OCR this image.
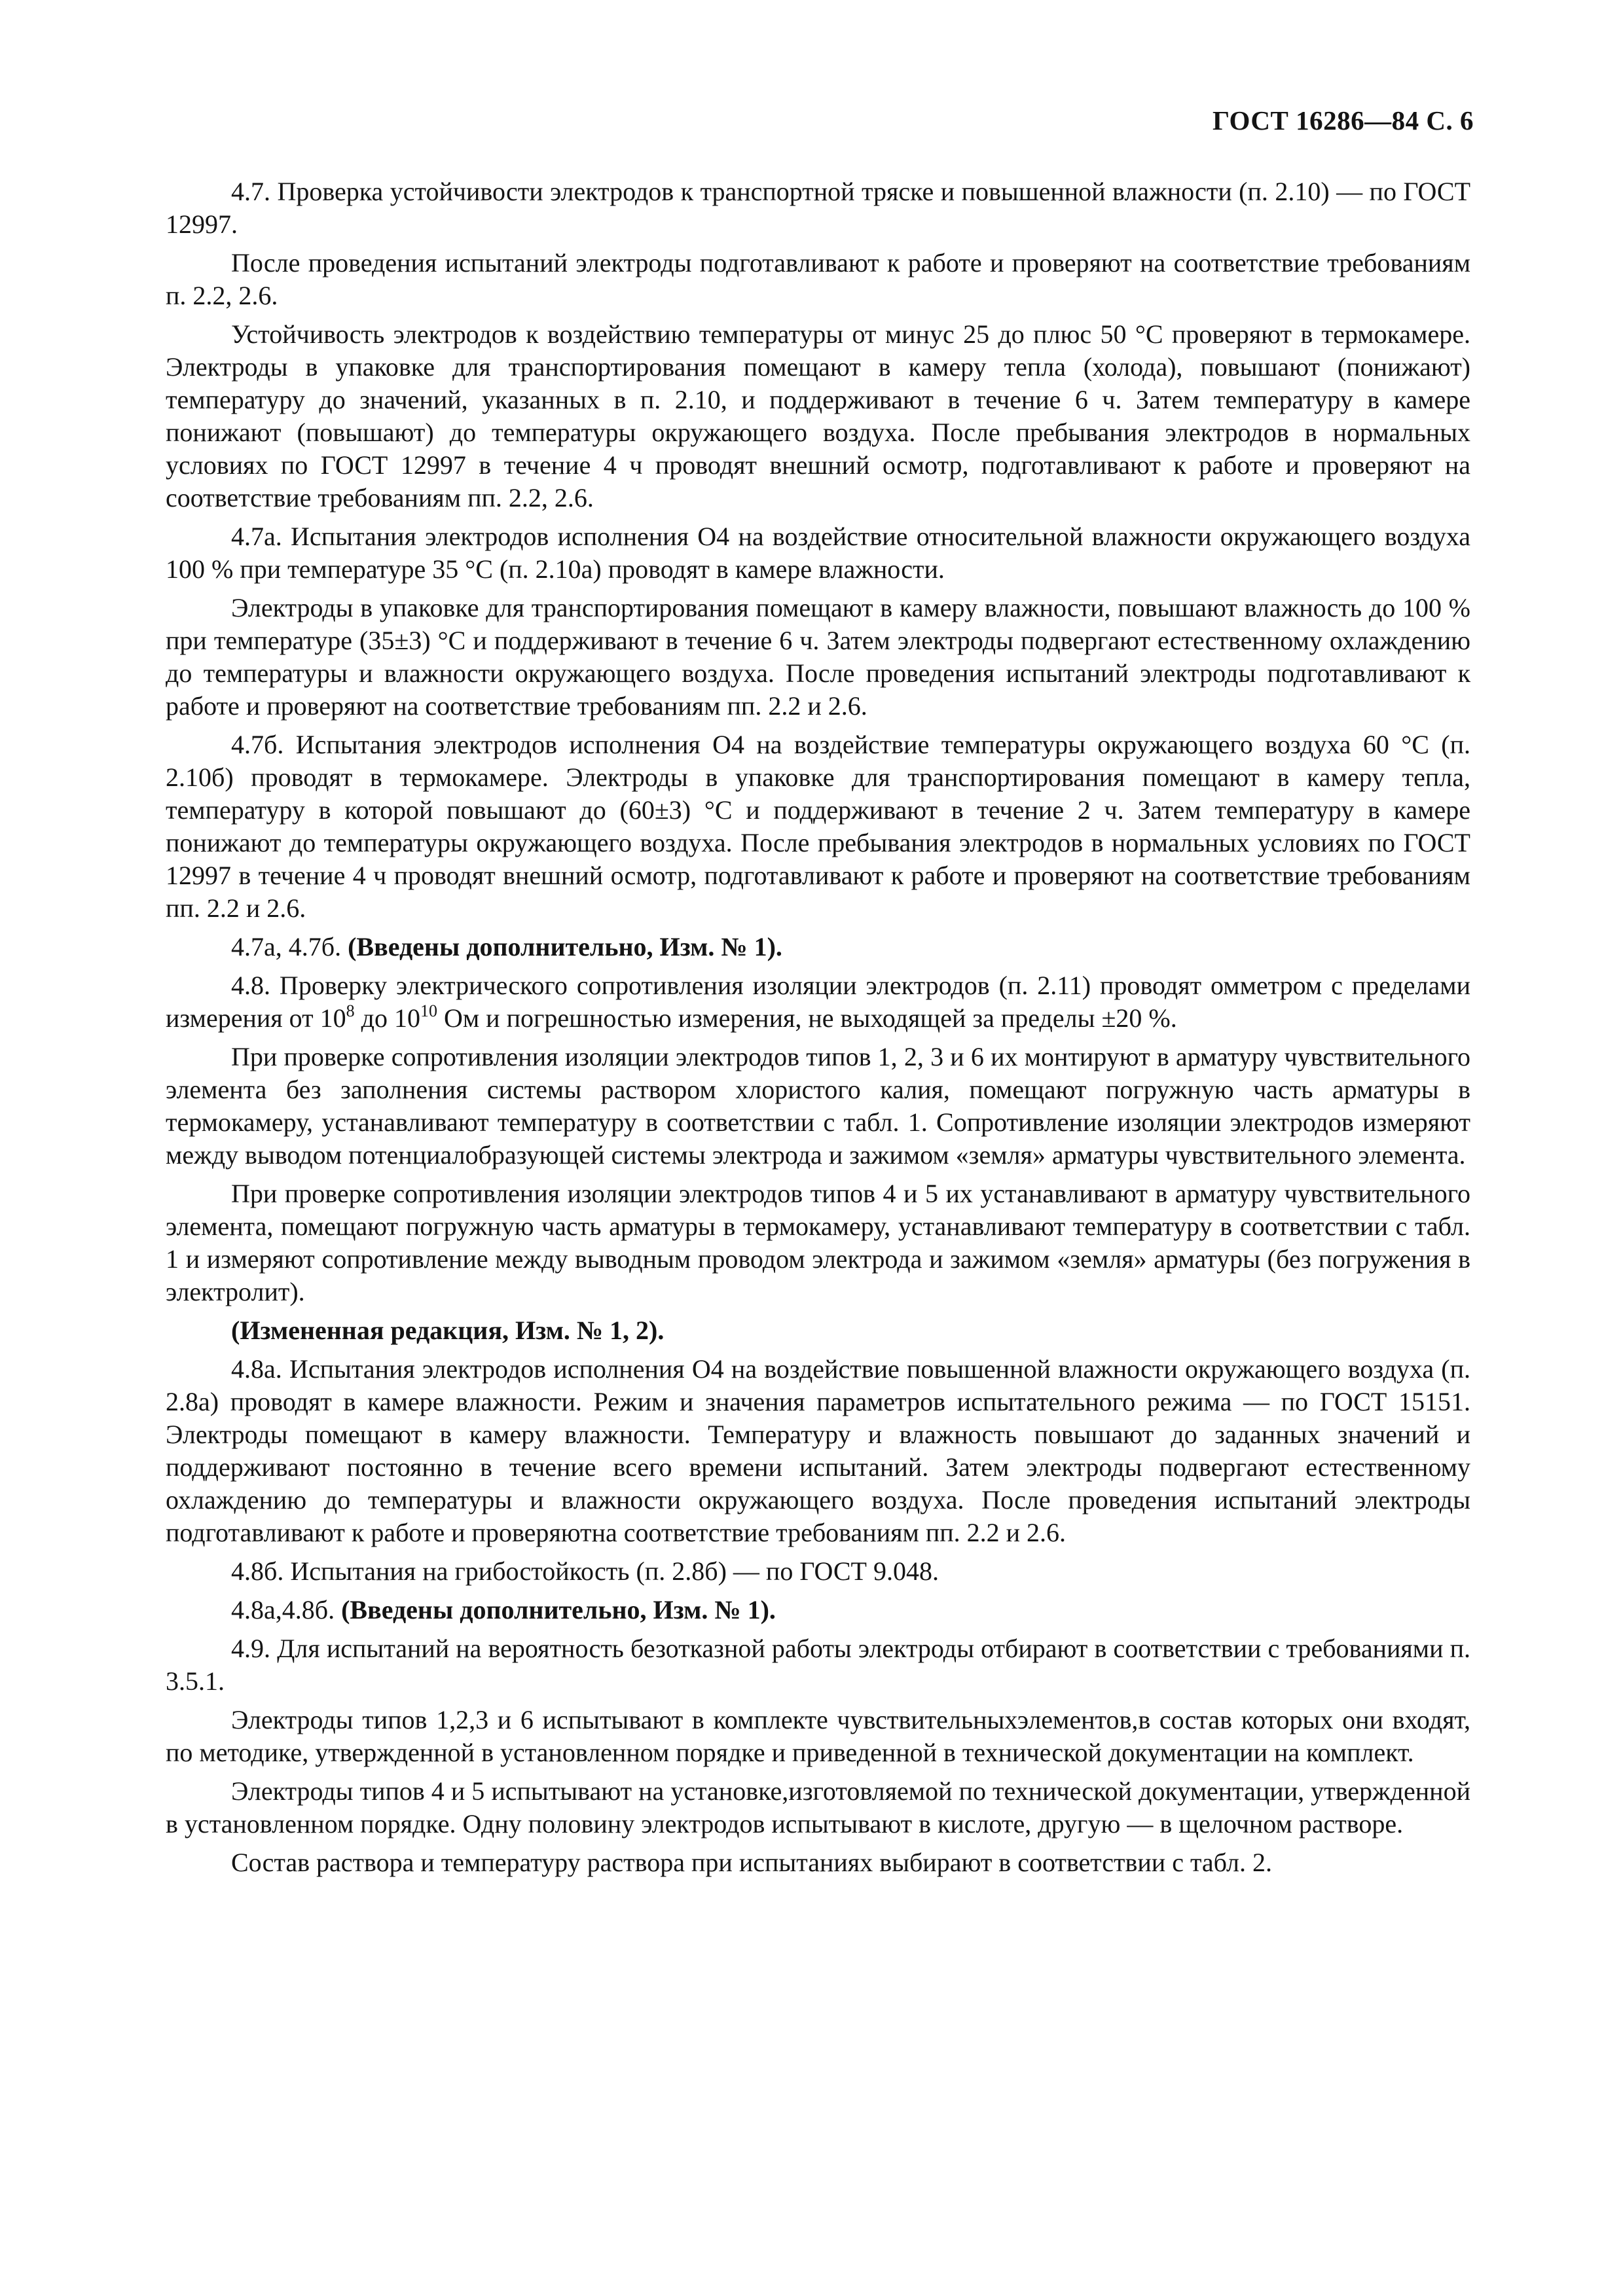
ГОСТ 16286—84 С. 6

4.7. Проверка устойчивости электродов к транспортной тряске и повышенной влажности (п. 2.10) — по ГОСТ 12997.

После проведения испытаний электроды подготавливают к работе и проверяют на соответствие требованиям п. 2.2, 2.6.

Устойчивость электродов к воздействию температуры от минус 25 до плюс 50 °С проверяют в термокамере. Электроды в упаковке для транспортирования помещают в камеру тепла (холода), повышают (понижают) температуру до значений, указанных в п. 2.10, и поддерживают в течение 6 ч. Затем температуру в камере понижают (повышают) до температуры окружающего воздуха. После пребывания электродов в нормальных условиях по ГОСТ 12997 в течение 4 ч проводят внешний осмотр, подготавливают к работе и проверяют на соответствие требованиям пп. 2.2, 2.6.

4.7а. Испытания электродов исполнения О4 на воздействие относительной влажности окружающего воздуха 100 % при температуре 35 °С (п. 2.10а) проводят в камере влажности.

Электроды в упаковке для транспортирования помещают в камеру влажности, повышают влажность до 100 % при температуре (35±3) °С и поддерживают в течение 6 ч. Затем электроды подвергают естественному охлаждению до температуры и влажности окружающего воздуха. После проведения испытаний электроды подготавливают к работе и проверяют на соответствие требованиям пп. 2.2 и 2.6.

4.7б. Испытания электродов исполнения О4 на воздействие температуры окружающего воздуха 60 °С (п. 2.10б) проводят в термокамере. Электроды в упаковке для транспортирования помещают в камеру тепла, температуру в которой повышают до (60±3) °С и поддерживают в течение 2 ч. Затем температуру в камере понижают до температуры окружающего воздуха. После пребывания электродов в нормальных условиях по ГОСТ 12997 в течение 4 ч проводят внешний осмотр, подготавливают к работе и проверяют на соответствие требованиям пп. 2.2 и 2.6.

4.7а, 4.7б. (Введены дополнительно, Изм. № 1).

4.8. Проверку электрического сопротивления изоляции электродов (п. 2.11) проводят омметром с пределами измерения от $10^8$ до $10^{10}$ Ом и погрешностью измерения, не выходящей за пределы ±20 %.

При проверке сопротивления изоляции электродов типов 1, 2, 3 и 6 их монтируют в арматуру чувствительного элемента без заполнения системы раствором хлористого калия, помещают погружную часть арматуры в термокамеру, устанавливают температуру в соответствии с табл. 1. Сопротивление изоляции электродов измеряют между выводом потенциалобразующей системы электрода и зажимом «земля» арматуры чувствительного элемента.

При проверке сопротивления изоляции электродов типов 4 и 5 их устанавливают в арматуру чувствительного элемента, помещают погружную часть арматуры в термокамеру, устанавливают температуру в соответствии с табл. 1 и измеряют сопротивление между выводным проводом электрода и зажимом «земля» арматуры (без погружения в электролит).

(Измененная редакция, Изм. № 1, 2).

4.8а. Испытания электродов исполнения О4 на воздействие повышенной влажности окружающего воздуха (п. 2.8а) проводят в камере влажности. Режим и значения параметров испытательного режима — по ГОСТ 15151. Электроды помещают в камеру влажности. Температуру и влажность повышают до заданных значений и поддерживают постоянно в течение всего времени испытаний. Затем электроды подвергают естественному охлаждению до температуры и влажности окружающего воздуха. После проведения испытаний электроды подготавливают к работе и проверяютна соответствие требованиям пп. 2.2 и 2.6.

4.8б. Испытания на грибостойкость (п. 2.8б) — по ГОСТ 9.048.

4.8а,4.8б. (Введены дополнительно, Изм. № 1).

4.9. Для испытаний на вероятность безотказной работы электроды отбирают в соответствии с требованиями п. 3.5.1.

Электроды типов 1,2,3 и 6 испытывают в комплекте чувствительныхэлементов,в состав которых они входят, по методике, утвержденной в установленном порядке и приведенной в технической документации на комплект.

Электроды типов 4 и 5 испытывают на установке,изготовляемой по технической документации, утвержденной в установленном порядке. Одну половину электродов испытывают в кислоте, другую — в щелочном растворе.

Состав раствора и температуру раствора при испытаниях выбирают в соответствии с табл. 2.
